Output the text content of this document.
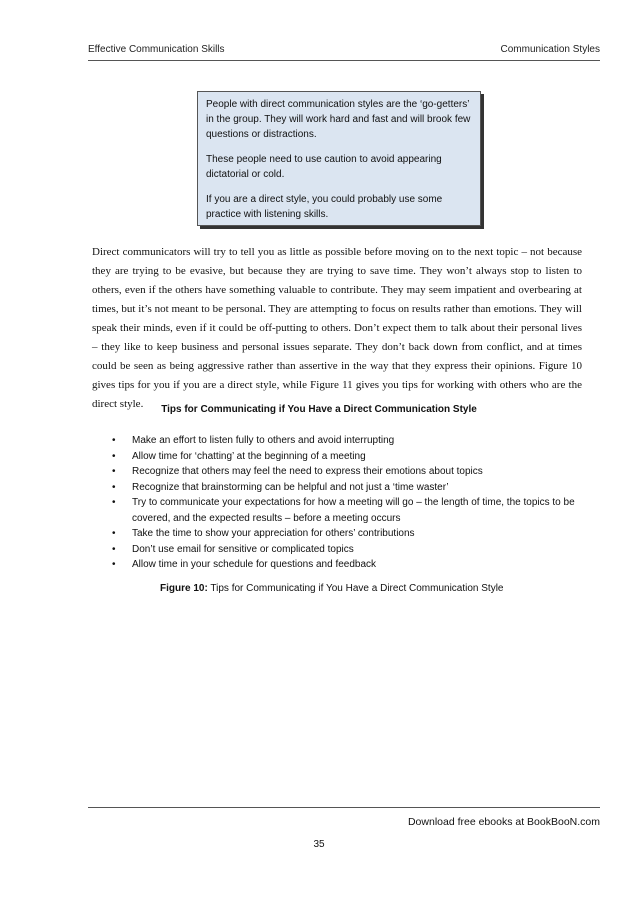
Effective Communication Skills	Communication Styles

People with direct communication styles are the ‘go-getters’ in the group. They will work hard and fast and will brook few questions or distractions.

These people need to use caution to avoid appearing dictatorial or cold.

If you are a direct style, you could probably use some practice with listening skills.

Direct communicators will try to tell you as little as possible before moving on to the next topic – not because they are trying to be evasive, but because they are trying to save time. They won’t always stop to listen to others, even if the others have something valuable to contribute. They may seem impatient and overbearing at times, but it’s not meant to be personal. They are attempting to focus on results rather than emotions. They will speak their minds, even if it could be off-putting to others. Don’t expect them to talk about their personal lives – they like to keep business and personal issues separate. They don’t back down from conflict, and at times could be seen as being aggressive rather than assertive in the way that they express their opinions. Figure 10 gives tips for you if you are a direct style, while Figure 11 gives you tips for working with others who are the direct style.	Tips for Communicating if You Have a Direct Communication Style
• Make an effort to listen fully to others and avoid interrupting
• Allow time for ‘chatting’ at the beginning of a meeting
• Recognize that others may feel the need to express their emotions about topics
• Recognize that brainstorming can be helpful and not just a ‘time waster’
• Try to communicate your expectations for how a meeting will go – the length of time, the topics to be covered, and the expected results – before a meeting occurs
• Take the time to show your appreciation for others’ contributions
• Don’t use email for sensitive or complicated topics
• Allow time in your schedule for questions and feedback
Figure 10: Tips for Communicating if You Have a Direct Communication Style
Download free ebooks at BookBooN.com
35
